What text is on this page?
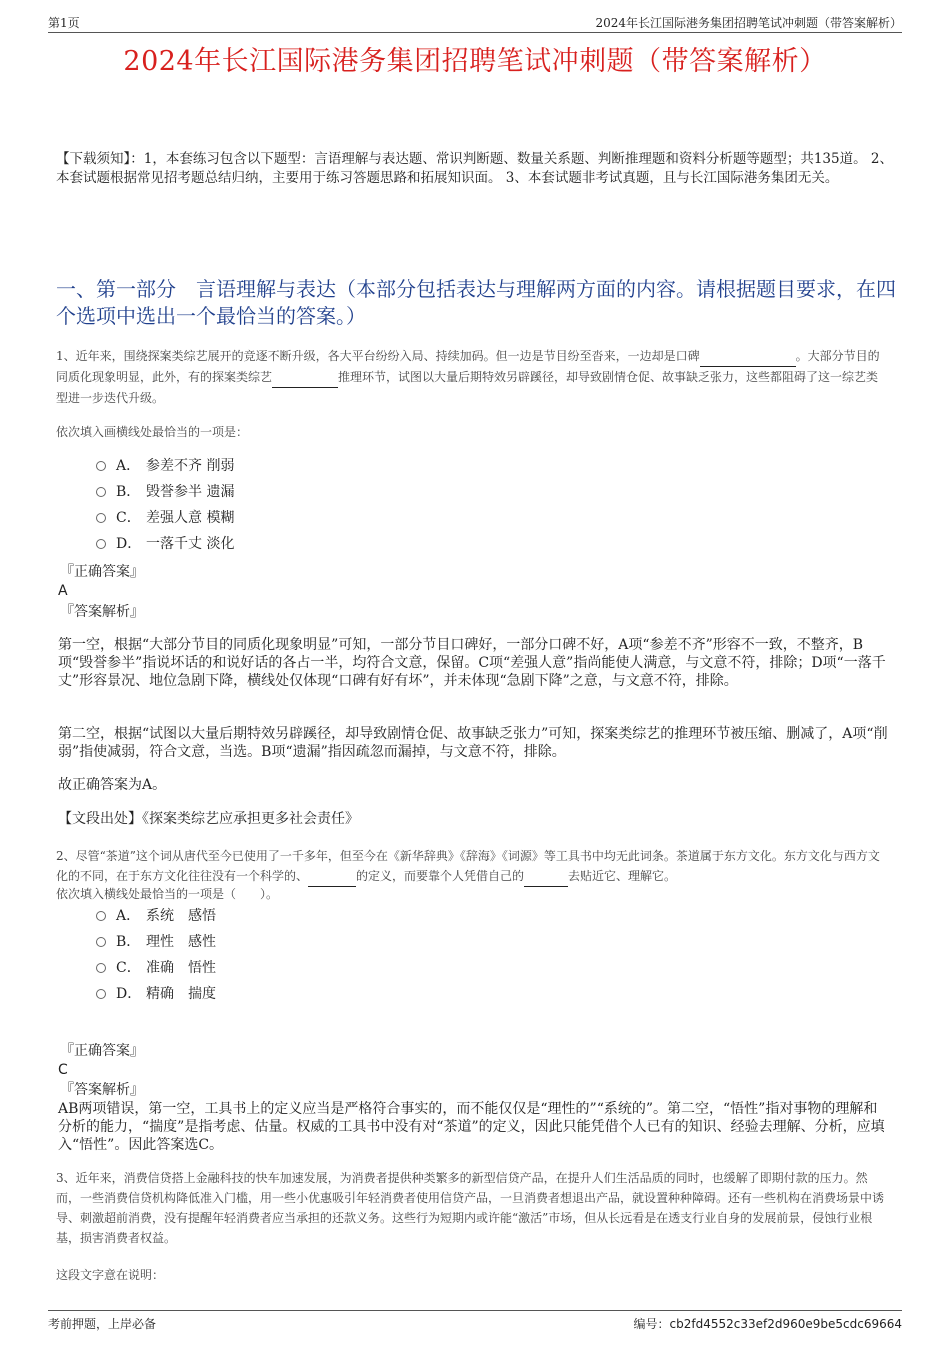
第1页	2024年长江国际港务集团招聘笔试冲刺题（带答案解析）
2024年长江国际港务集团招聘笔试冲刺题（带答案解析）
【下载须知】：1，本套练习包含以下题型：言语理解与表达题、常识判断题、数量关系题、判断推理题和资料分析题等题型；共135道。 2、本套试题根据常见招考题总结归纳，主要用于练习答题思路和拓展知识面。 3、本套试题非考试真题，且与长江国际港务集团无关。
一、第一部分　言语理解与表达（本部分包括表达与理解两方面的内容。请根据题目要求，在四个选项中选出一个最恰当的答案。）

1、近年来，围绕探案类综艺展开的竞逐不断升级，各大平台纷纷入局、持续加码。但一边是节目纷至沓来，一边却是口碑	。大部分节目的同质化现象明显，此外，有的探案类综艺	推理环节，试图以大量后期特效另辟蹊径，却导致剧情仓促、故事缺乏张力，这些都阻碍了这一综艺类型进一步迭代升级。

依次填入画横线处最恰当的一项是：
A． 参差不齐 削弱
B． 毁誉参半 遗漏
C． 差强人意 模糊
D． 一落千丈 淡化
『正确答案』
A
『答案解析』
第一空，根据“大部分节目的同质化现象明显”可知，一部分节目口碑好，一部分口碑不好，A项“参差不齐”形容不一致，不整齐，B项“毁誉参半”指说坏话的和说好话的各占一半，均符合文意，保留。C项“差强人意”指尚能使人满意，与文意不符，排除；D项“一落千丈”形容景况、地位急剧下降，横线处仅体现“口碑有好有坏”，并未体现“急剧下降”之意，与文意不符，排除。
第二空，根据“试图以大量后期特效另辟蹊径，却导致剧情仓促、故事缺乏张力”可知，探案类综艺的推理环节被压缩、删减了，A项“削弱”指使减弱，符合文意，当选。B项“遗漏”指因疏忽而漏掉，与文意不符，排除。
故正确答案为A。
【文段出处】《探案类综艺应承担更多社会责任》

2、尽管“茶道”这个词从唐代至今已使用了一千多年，但至今在《新华辞典》《辞海》《词源》等工具书中均无此词条。茶道属于东方文化。东方文化与西方文化的不同，在于东方文化往往没有一个科学的、	的定义，而要靠个人凭借自己的	去贴近它、理解它。

依次填入横线处最恰当的一项是（　　）。
A． 系统　感悟
B． 理性　感性
C． 准确　悟性
D． 精确　揣度
『正确答案』
C
『答案解析』
AB两项错误，第一空，工具书上的定义应当是严格符合事实的，而不能仅仅是“理性的”“系统的”。第二空，“悟性”指对事物的理解和分析的能力，“揣度”是指考虑、估量。权威的工具书中没有对“茶道”的定义，因此只能凭借个人已有的知识、经验去理解、分析，应填入“悟性”。因此答案选C。
3、近年来，消费信贷搭上金融科技的快车加速发展，为消费者提供种类繁多的新型信贷产品，在提升人们生活品质的同时，也缓解了即期付款的压力。然而，一些消费信贷机构降低准入门槛，用一些小优惠吸引年轻消费者使用信贷产品，一旦消费者想退出产品，就设置种种障碍。还有一些机构在消费场景中诱导、刺激超前消费，没有提醒年轻消费者应当承担的还款义务。这些行为短期内或许能“激活”市场，但从长远看是在透支行业自身的发展前景，侵蚀行业根基，损害消费者权益。
这段文字意在说明：
考前押题，上岸必备	编号：cb2fd4552c33ef2d960e9be5cdc69664
